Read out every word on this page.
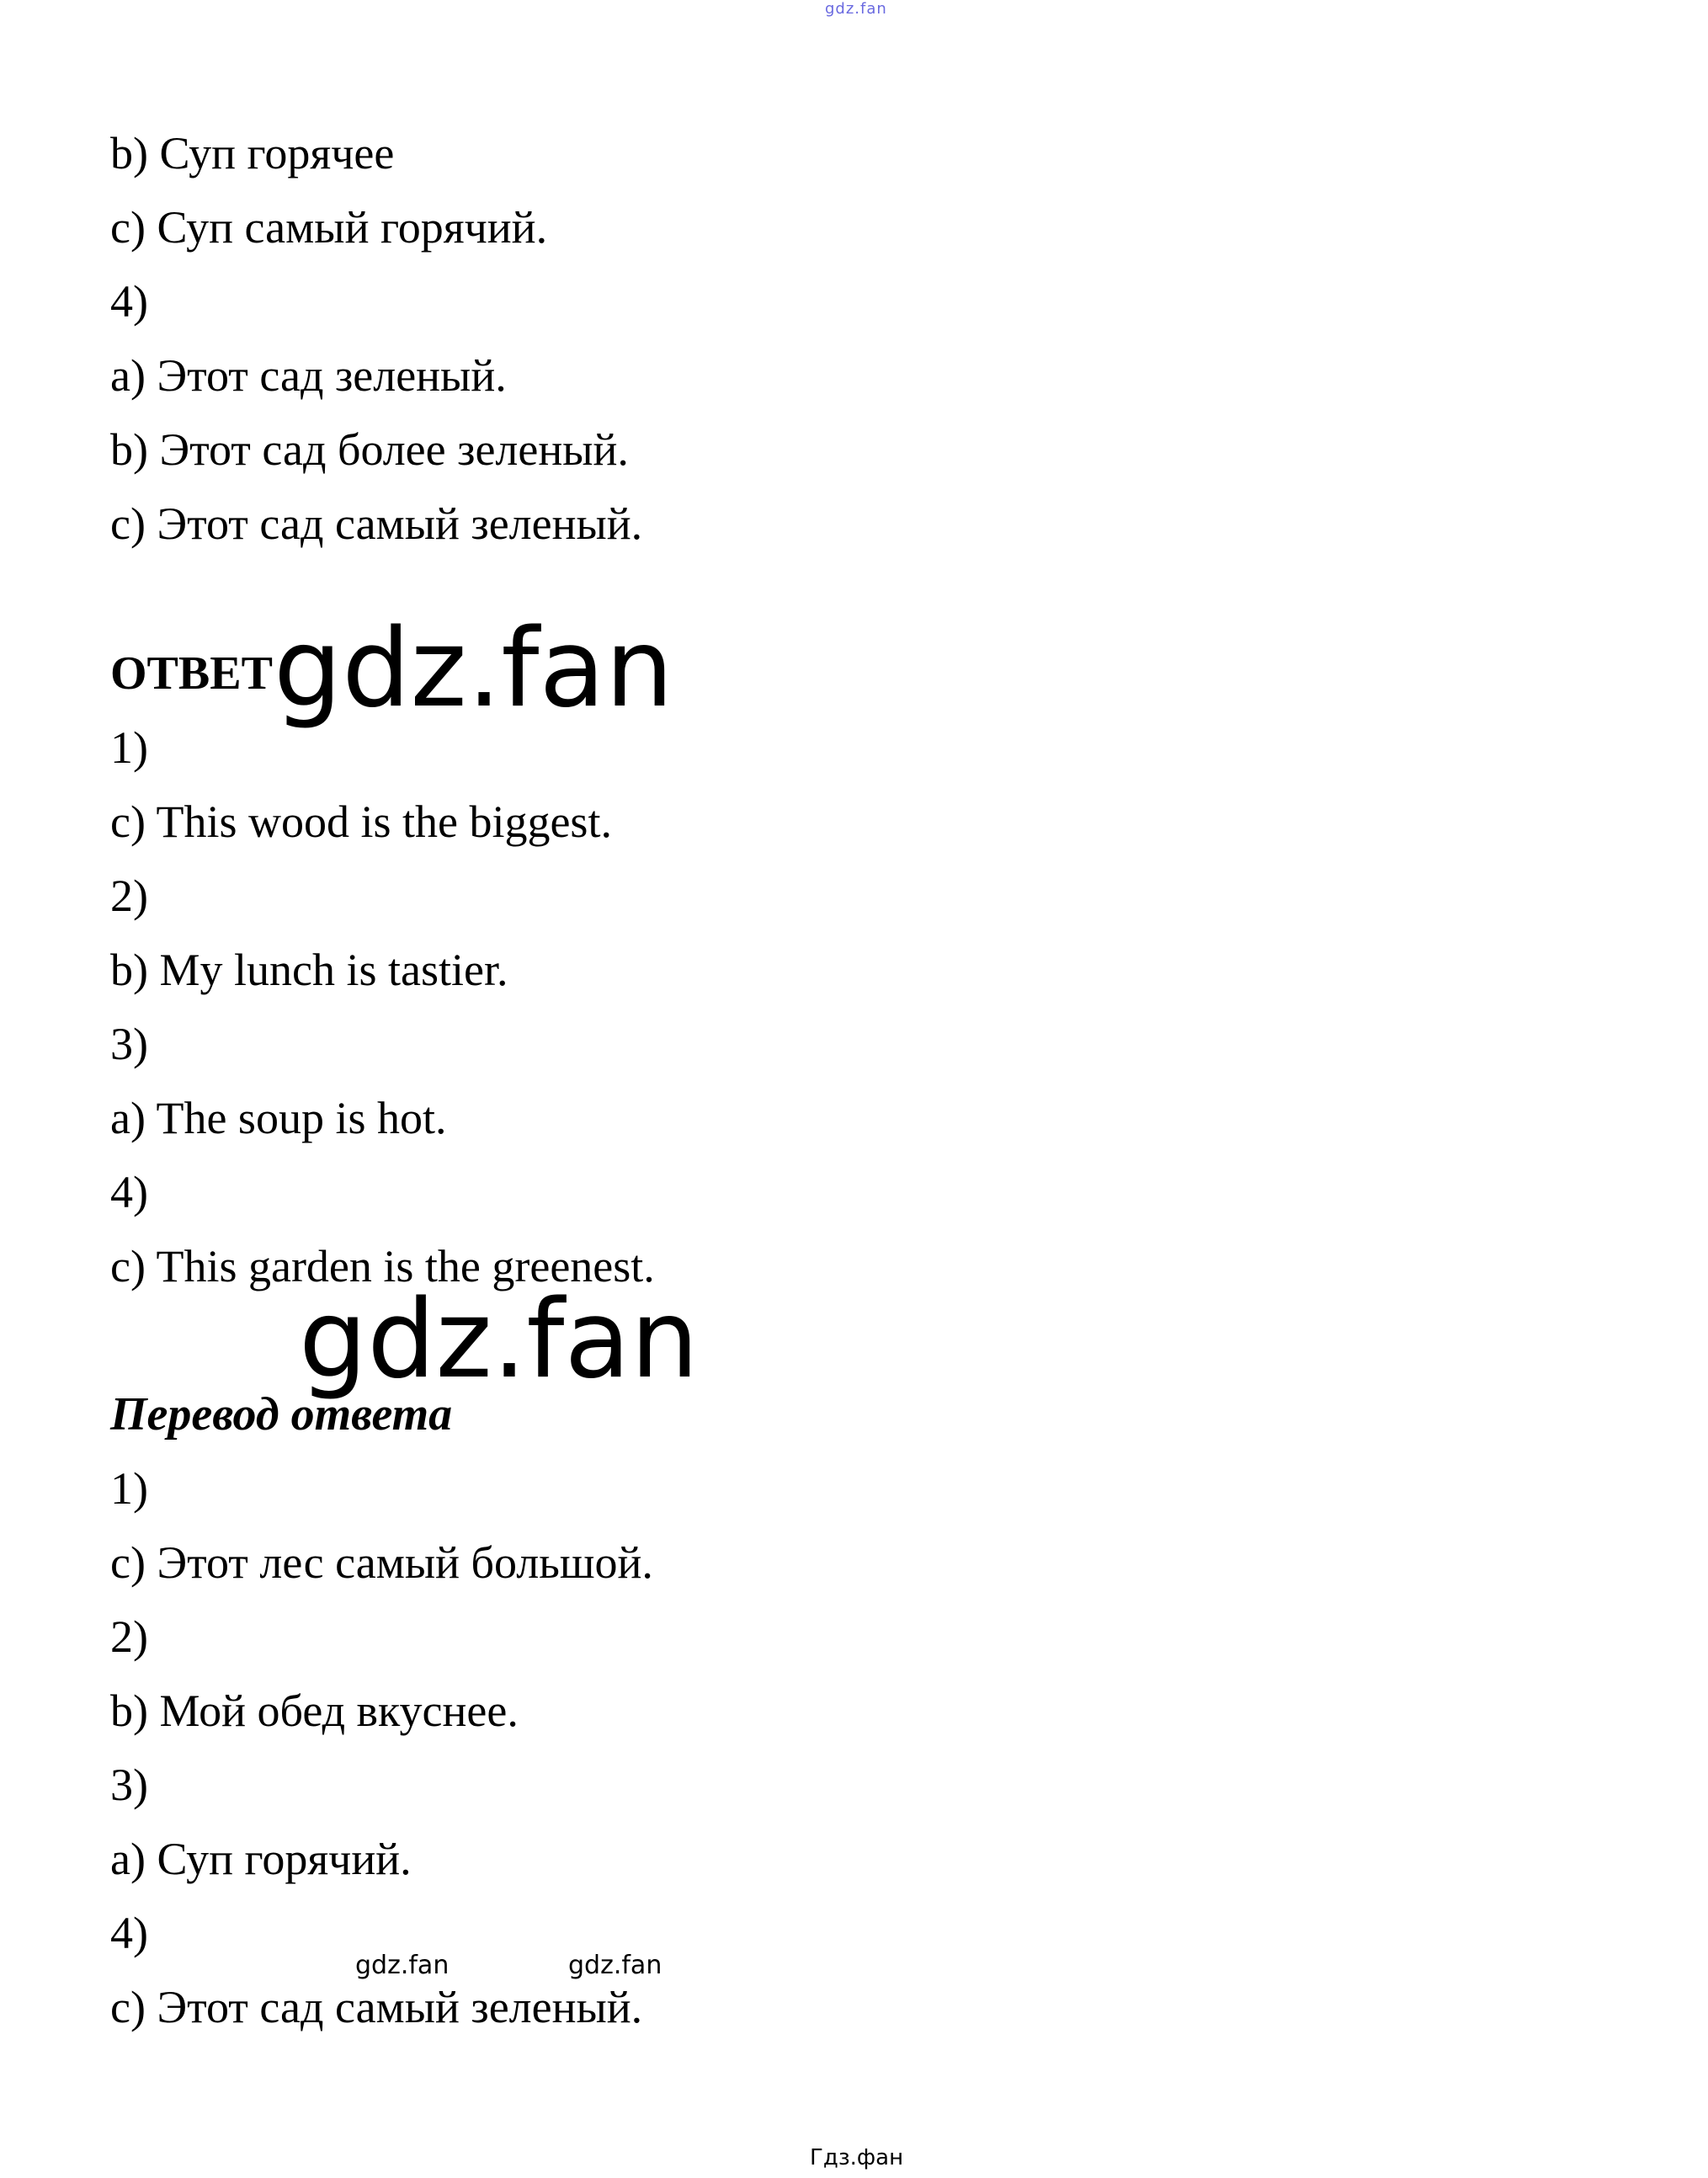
gdz.fan
b) Суп горячее
c) Суп самый горячий.
4)
a) Этот сад зеленый.
b) Этот сад более зеленый.
c) Этот сад самый зеленый.
ОТВЕТ gdz.fan
1)
c) This wood is the biggest.
2)
b) My lunch is tastier.
3)
a) The soup is hot.
4)
c) This garden is the greenest.
gdz.fan
Перевод ответа
1)
c) Этот лес самый большой.
2)
b) Мой обед вкуснее.
3)
a) Суп горячий.
4)
c) Этот сад самый зеленый.
gdz.fan	gdz.fan
Гдз.фан
